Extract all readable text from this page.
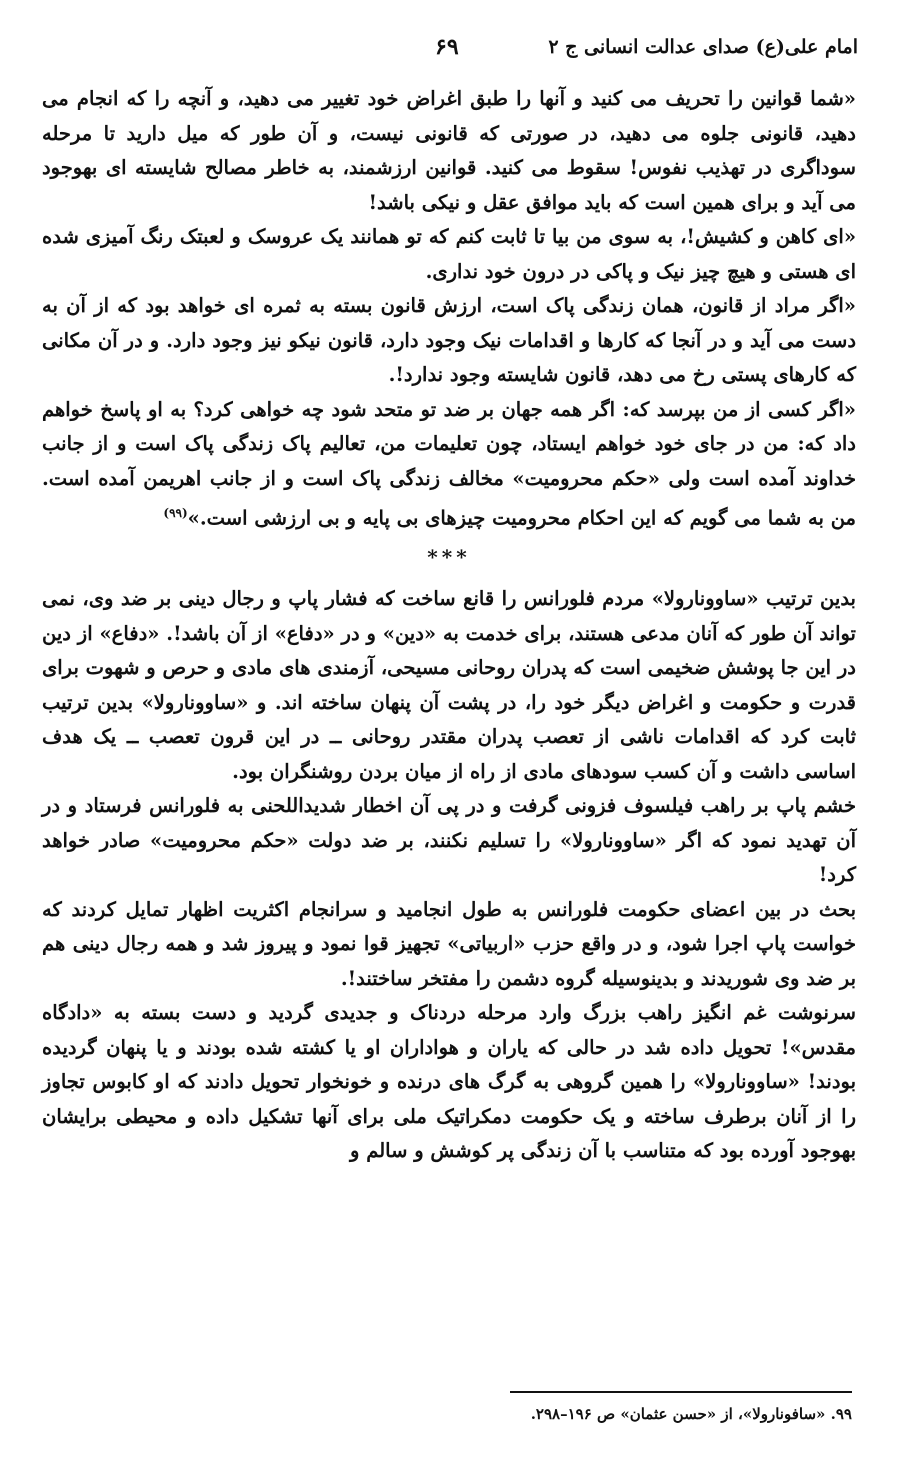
امام علی(ع) صدای عدالت انسانی ج ۲
۶۹

«شما قوانین را تحریف می کنید و آنها را طبق اغراض خود تغییر می دهید، و آنچه را که انجام می دهید، قانونی جلوه می دهید، در صورتی که قانونی نیست، و آن طور که میل دارید تا مرحله سوداگری در تهذیب نفوس! سقوط می کنید. قوانین ارزشمند، به خاطر مصالح شایسته ای بهوجود می آید و برای همین است که باید موافق عقل و نیکی باشد!

«ای کاهن و کشیش!، به سوی من بیا تا ثابت کنم که تو همانند یک عروسک و لعبتک رنگ آمیزی شده ای هستی و هیچ چیز نیک و پاکی در درون خود نداری.

«اگر مراد از قانون، همان زندگی پاک است، ارزش قانون بسته به ثمره ای خواهد بود که از آن به دست می آید و در آنجا که کارها و اقدامات نیک وجود دارد، قانون نیکو نیز وجود دارد. و در آن مکانی که کارهای پستی رخ می دهد، قانون شایسته وجود ندارد!.

«اگر کسی از من بپرسد که: اگر همه جهان بر ضد تو متحد شود چه خواهی کرد؟ به او پاسخ خواهم داد که: من در جای خود خواهم ایستاد، چون تعلیمات من، تعالیم پاک زندگی پاک است و از جانب خداوند آمده است ولی «حکم محرومیت» مخالف زندگی پاک است و از جانب اهریمن آمده است. من به شما می گویم که این احکام محرومیت چیزهای بی پایه و بی ارزشی است.»$^{(۹۹)}$

***

بدین ترتیب «ساوونارولا» مردم فلورانس را قانع ساخت که فشار پاپ و رجال دینی بر ضد وی، نمی تواند آن طور که آنان مدعی هستند، برای خدمت به «دین» و در «دفاع» از آن باشد!. «دفاع» از دین در این جا پوشش ضخیمی است که پدران روحانی مسیحی، آزمندی های مادی و حرص و شهوت برای قدرت و حکومت و اغراض دیگر خود را، در پشت آن پنهان ساخته اند. و «ساوونارولا» بدین ترتیب ثابت کرد که اقدامات ناشی از تعصب پدران مقتدر روحانی ــ در این قرون تعصب ــ یک هدف اساسی داشت و آن کسب سودهای مادی از راه از میان بردن روشنگران بود.

خشم پاپ بر راهب فیلسوف فزونی گرفت و در پی آن اخطار شدیداللحنی به فلورانس فرستاد و در آن تهدید نمود که اگر «ساوونارولا» را تسلیم نکنند، بر ضد دولت «حکم محرومیت» صادر خواهد کرد!

بحث در بین اعضای حکومت فلورانس به طول انجامید و سرانجام اکثریت اظهار تمایل کردند که خواست پاپ اجرا شود، و در واقع حزب «اربیاتی» تجهیز قوا نمود و پیروز شد و همه رجال دینی هم بر ضد وی شوریدند و بدینوسیله گروه دشمن را مفتخر ساختند!.

سرنوشت غم انگیز راهب بزرگ وارد مرحله دردناک و جدیدی گردید و دست بسته به «دادگاه مقدس»! تحویل داده شد در حالی که یاران و هواداران او یا کشته شده بودند و یا پنهان گردیده بودند! «ساوونارولا» را همین گروهی به گرگ های درنده و خونخوار تحویل دادند که او کابوس تجاوز را از آنان برطرف ساخته و یک حکومت دمکراتیک ملی برای آنها تشکیل داده و محیطی برایشان بهوجود آورده بود که متناسب با آن زندگی پر کوشش و سالم و

۹۹. «سافونارولا»، از «حسن عثمان» ص ۱۹۶–۲۹۸.
